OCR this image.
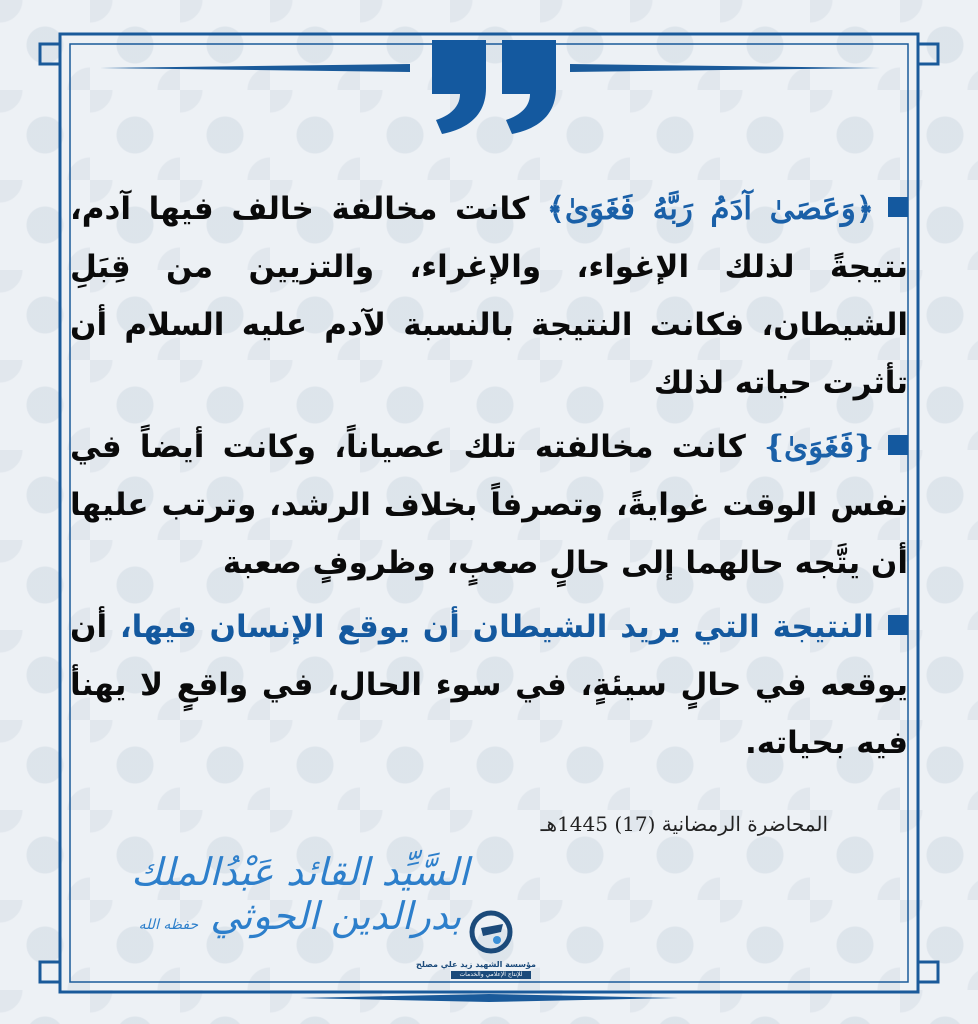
﴿وَعَصَىٰ آدَمُ رَبَّهُ فَغَوَىٰ﴾ كانت مخالفة خالف فيها آدم، نتيجةً لذلك الإغواء، والإغراء، والتزيين من قِبَلِ الشيطان، فكانت النتيجة بالنسبة لآدم عليه السلام أن تأثرت حياته لذلك

{فَغَوَىٰ} كانت مخالفته تلك عصياناً، وكانت أيضاً في نفس الوقت غوايةً، وتصرفاً بخلاف الرشد، وترتب عليها أن يتَّجه حالهما إلى حالٍ صعبٍ، وظروفٍ صعبة

النتيجة التي يريد الشيطان أن يوقع الإنسان فيها، أن يوقعه في حالٍ سيئةٍ، في سوء الحال، في واقعٍ لا يهنأ فيه بحياته.

المحاضرة الرمضانية (17) 1445هـ
السَّيِّد القائد عَبْدُالملك بدرالدين الحوثي حفظه الله
مؤسسة الشهيد زيد علي مصلح
للإنتاج الإعلامي والخدمات
